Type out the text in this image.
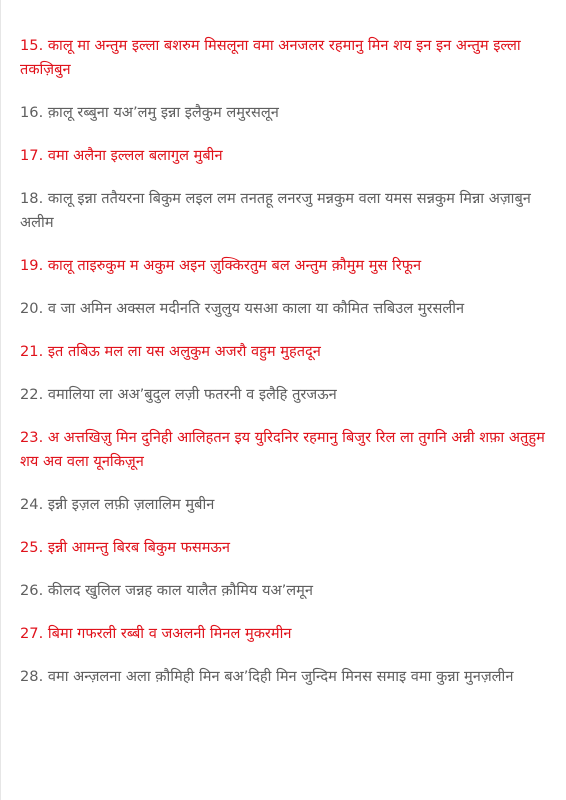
15. कालू मा अन्तुम इल्ला बशरुम मिसलूना वमा अनजलर रहमानु मिन शय इन इन अन्तुम इल्ला तकज़िबुन

16. क़ालू रब्बुना यअ’लमु इन्ना इलैकुम लमुरसलून

17. वमा अलैना इल्लल बलागुल मुबीन

18. कालू इन्ना ततैयरना बिकुम लइल लम तनतहू लनरजु मन्नकुम वला यमस सन्नकुम मिन्ना अज़ाबुन अलीम

19. कालू ताइरुकुम म अकुम अइन ज़ुक्किरतुम बल अन्तुम क़ौमुम मुस रिफून

20. व जा अमिन अक्सल मदीनति रजुलुय यसआ काला या कौमित त्तबिउल मुरसलीन

21. इत तबिऊ मल ला यस अलुकुम अजरौ वहुम मुहतदून

22. वमालिया ला अअ’बुदुल लज़ी फतरनी व इलैहि तुरजऊन

23. अ अत्तखिज़ु मिन दुनिही आलिहतन इय युरिदनिर रहमानु बिजुर रिल ला तुगनि अन्नी शफ़ा अतुहुम शय अव वला यूनकिज़ून

24. इन्नी इज़ल लफ़ी ज़लालिम मुबीन

25. इन्नी आमन्तु बिरब बिकुम फसमऊन

26. कीलद खुलिल जन्नह काल यालैत क़ौमिय यअ’लमून

27. बिमा गफरली रब्बी व जअलनी मिनल मुकरमीन

28. वमा अन्ज़लना अला क़ौमिही मिन बअ’दिही मिन जुन्दिम मिनस समाइ वमा कुन्ना मुनज़लीन
